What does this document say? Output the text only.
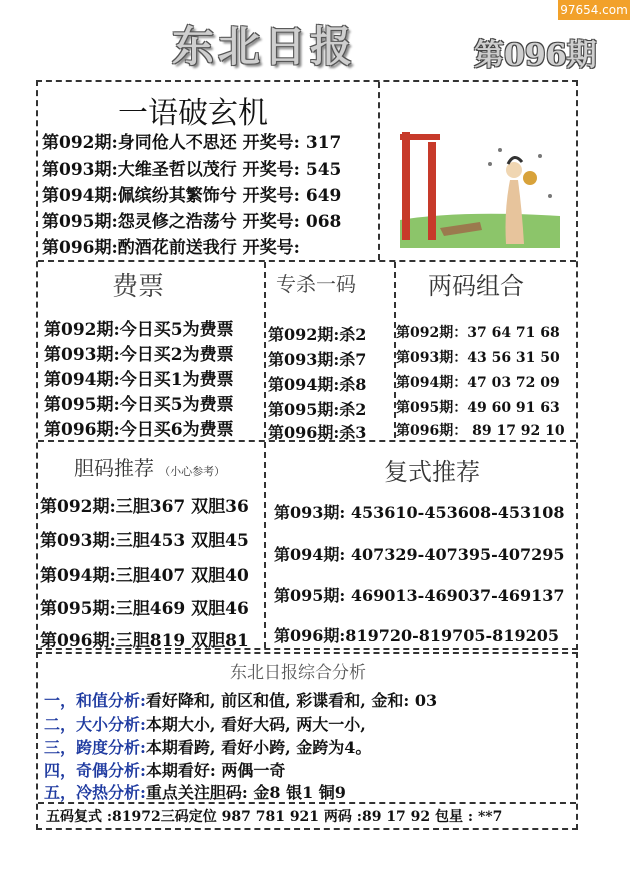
97654.com
东北日报	第096期
一语破玄机
第092期:身同伧人不思还 开奖号: 317
第093期:大维圣哲以茂行 开奖号: 545
第094期:佩缤纷其繁饰兮 开奖号: 649
第095期:怨灵修之浩荡兮 开奖号: 068
第096期:酌酒花前送我行 开奖号:
费票
第092期:今日买5为费票
第093期:今日买2为费票
第094期:今日买1为费票
第095期:今日买5为费票
第096期:今日买6为费票
专杀一码
第092期:杀2
第093期:杀7
第094期:杀8
第095期:杀2
第096期:杀3
两码组合
第092期：37 64 71 68
第093期：43 56 31 50
第094期：47 03 72 09
第095期：49 60 91 63
第096期： 89 17 92 10
胆码推荐 （小心参考）
第092期:三胆367 双胆36
第093期:三胆453 双胆45
第094期:三胆407 双胆40
第095期:三胆469 双胆46
第096期:三胆819 双胆81
复式推荐
第093期: 453610-453608-453108
第094期: 407329-407395-407295
第095期: 469013-469037-469137
第096期:819720-819705-819205
东北日报综合分析
一，和值分析:看好降和, 前区和值, 彩谍看和, 金和: 03
二，大小分析:本期大小, 看好大码, 两大一小,
三，跨度分析:本期看跨, 看好小跨, 金跨为4。
四，奇偶分析:本期看好: 两偶一奇
五，冷热分析:重点关注胆码: 金8 银1 铜9
五码复式 :81972三码定位 987 781 921 两码 :89 17 92 包星 : **7
